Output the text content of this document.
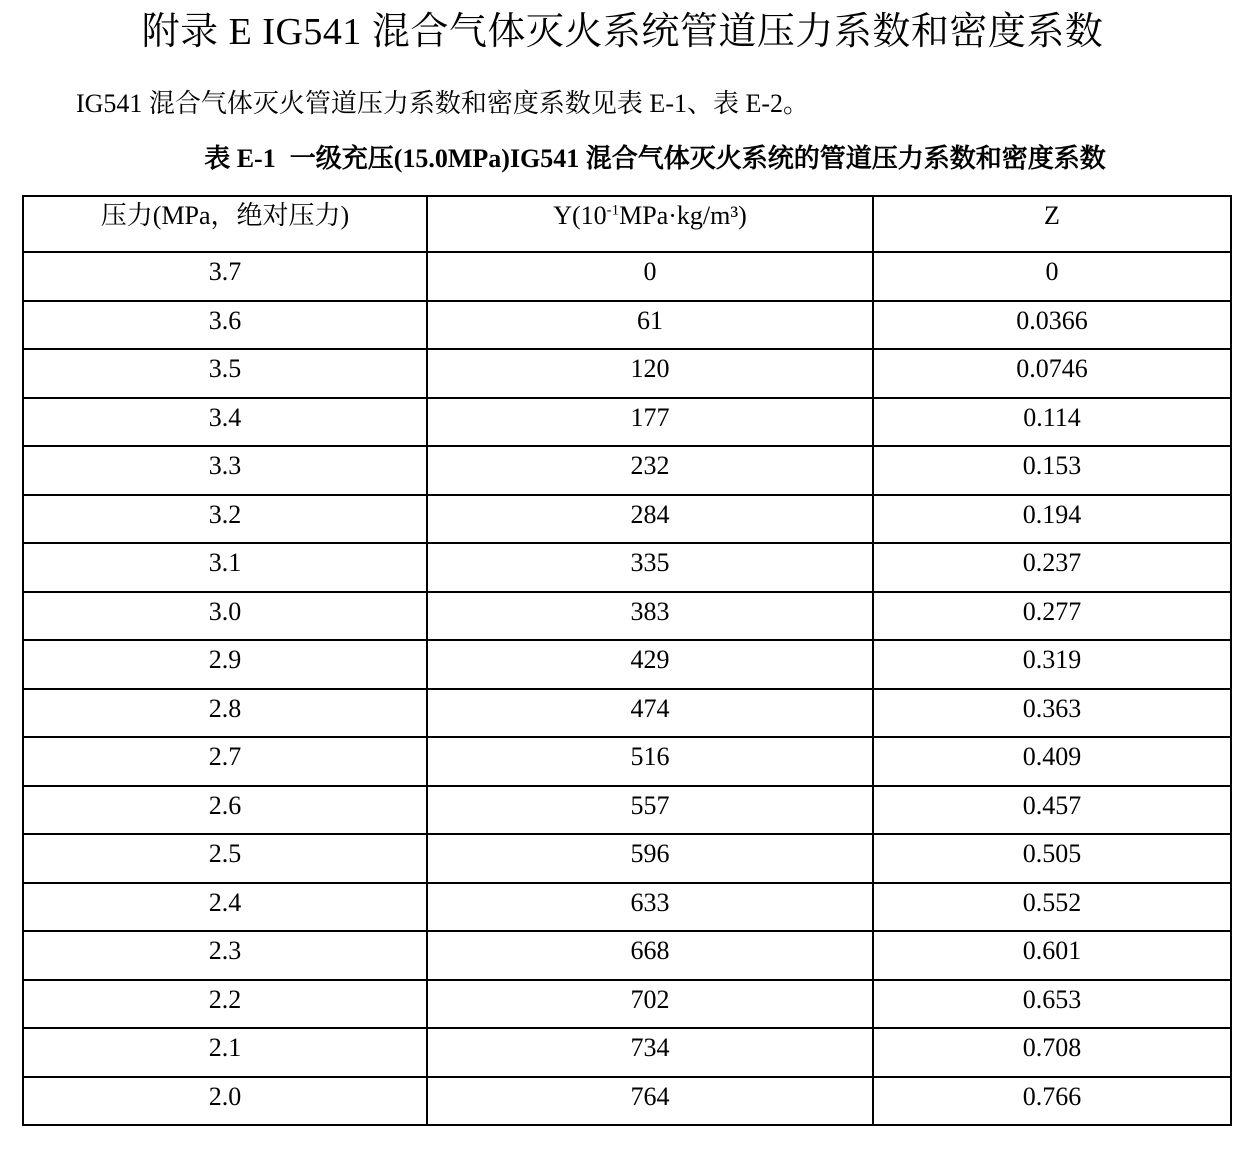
附录 E IG541 混合气体灭火系统管道压力系数和密度系数

IG541 混合气体灭火管道压力系数和密度系数见表 E-1、表 E-2。

表 E-1 一级充压(15.0MPa)IG541 混合气体灭火系统的管道压力系数和密度系数

压力(MPa，绝对压力)	$Y(10^{-1}MPa\cdot kg/m^3)$	Z
3.7	0	0
3.6	61	0.0366
3.5	120	0.0746
3.4	177	0.114
3.3	232	0.153
3.2	284	0.194
3.1	335	0.237
3.0	383	0.277
2.9	429	0.319
2.8	474	0.363
2.7	516	0.409
2.6	557	0.457
2.5	596	0.505
2.4	633	0.552
2.3	668	0.601
2.2	702	0.653
2.1	734	0.708
2.0	764	0.766
